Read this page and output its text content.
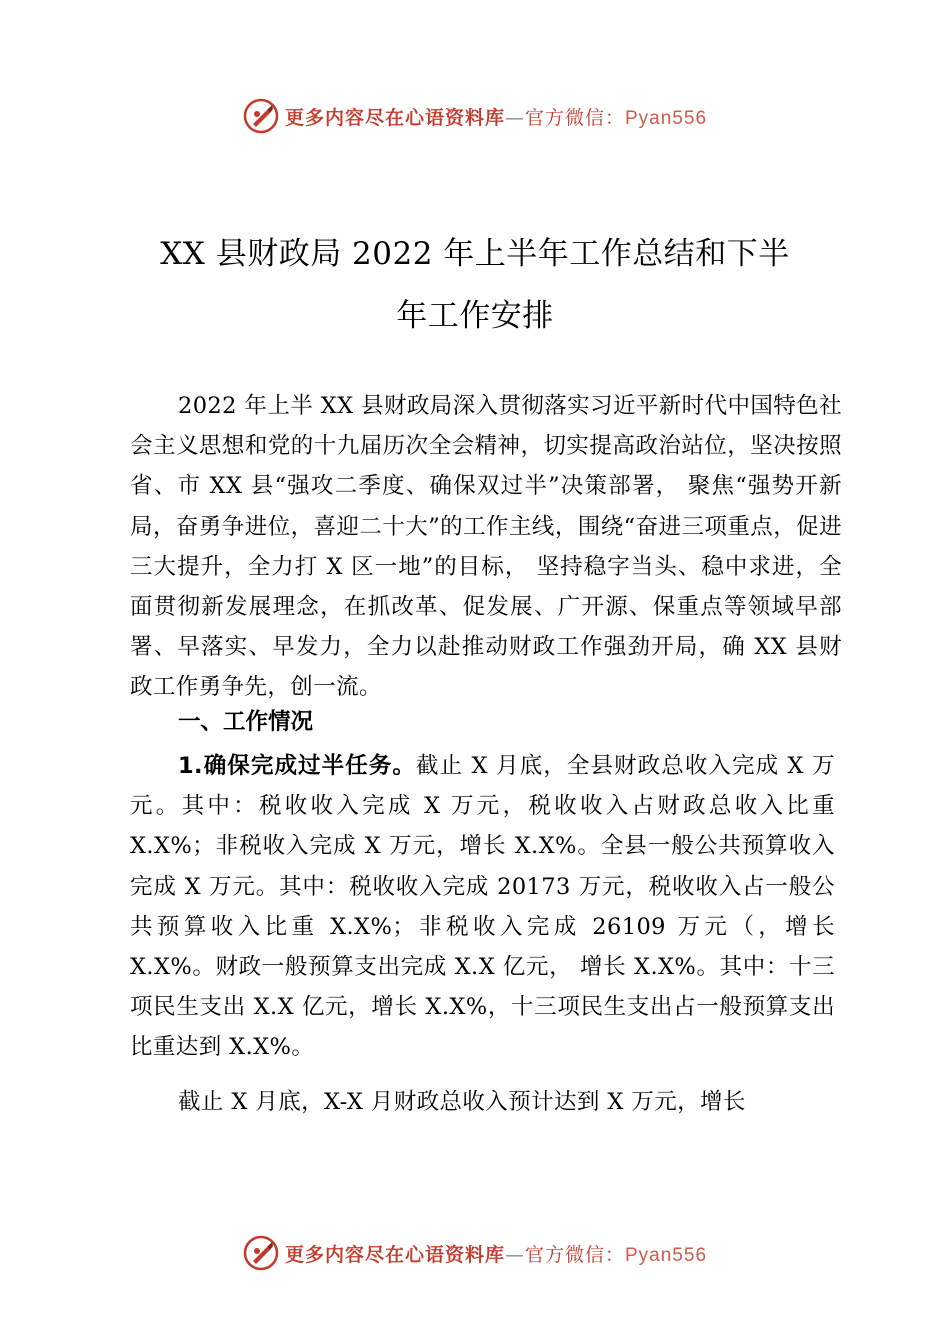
更多内容尽在心语资料库—官方微信：Pyan556
XX 县财政局 2022 年上半年工作总结和下半
年工作安排

2022 年上半 XX 县财政局深入贯彻落实习近平新时代中国特色社会主义思想和党的十九届历次全会精神，切实提高政治站位，坚决按照省、市 XX 县“强攻二季度、确保双过半”决策部署， 聚焦“强势开新局，奋勇争进位，喜迎二十大”的工作主线，围绕“奋进三项重点，促进三大提升，全力打 X 区一地”的目标， 坚持稳字当头、稳中求进，全面贯彻新发展理念，在抓改革、促发展、广开源、保重点等领域早部署、早落实、早发力，全力以赴推动财政工作强劲开局，确 XX 县财政工作勇争先，创一流。

一、工作情况

1.确保完成过半任务。截止 X 月底，全县财政总收入完成 X 万元。其中：税收收入完成 X 万元，税收收入占财政总收入比重 X.X%；非税收入完成 X 万元，增长 X.X%。全县一般公共预算收入完成 X 万元。其中：税收收入完成 20173 万元，税收收入占一般公共预算收入比重 X.X%；非税收入完成 26109 万元（，增长 X.X%。财政一般预算支出完成 X.X 亿元， 增长 X.X%。其中：十三项民生支出 X.X 亿元，增长 X.X%，十三项民生支出占一般预算支出比重达到 X.X%。

截止 X 月底，X-X 月财政总收入预计达到 X 万元，增长

更多内容尽在心语资料库—官方微信：Pyan556
